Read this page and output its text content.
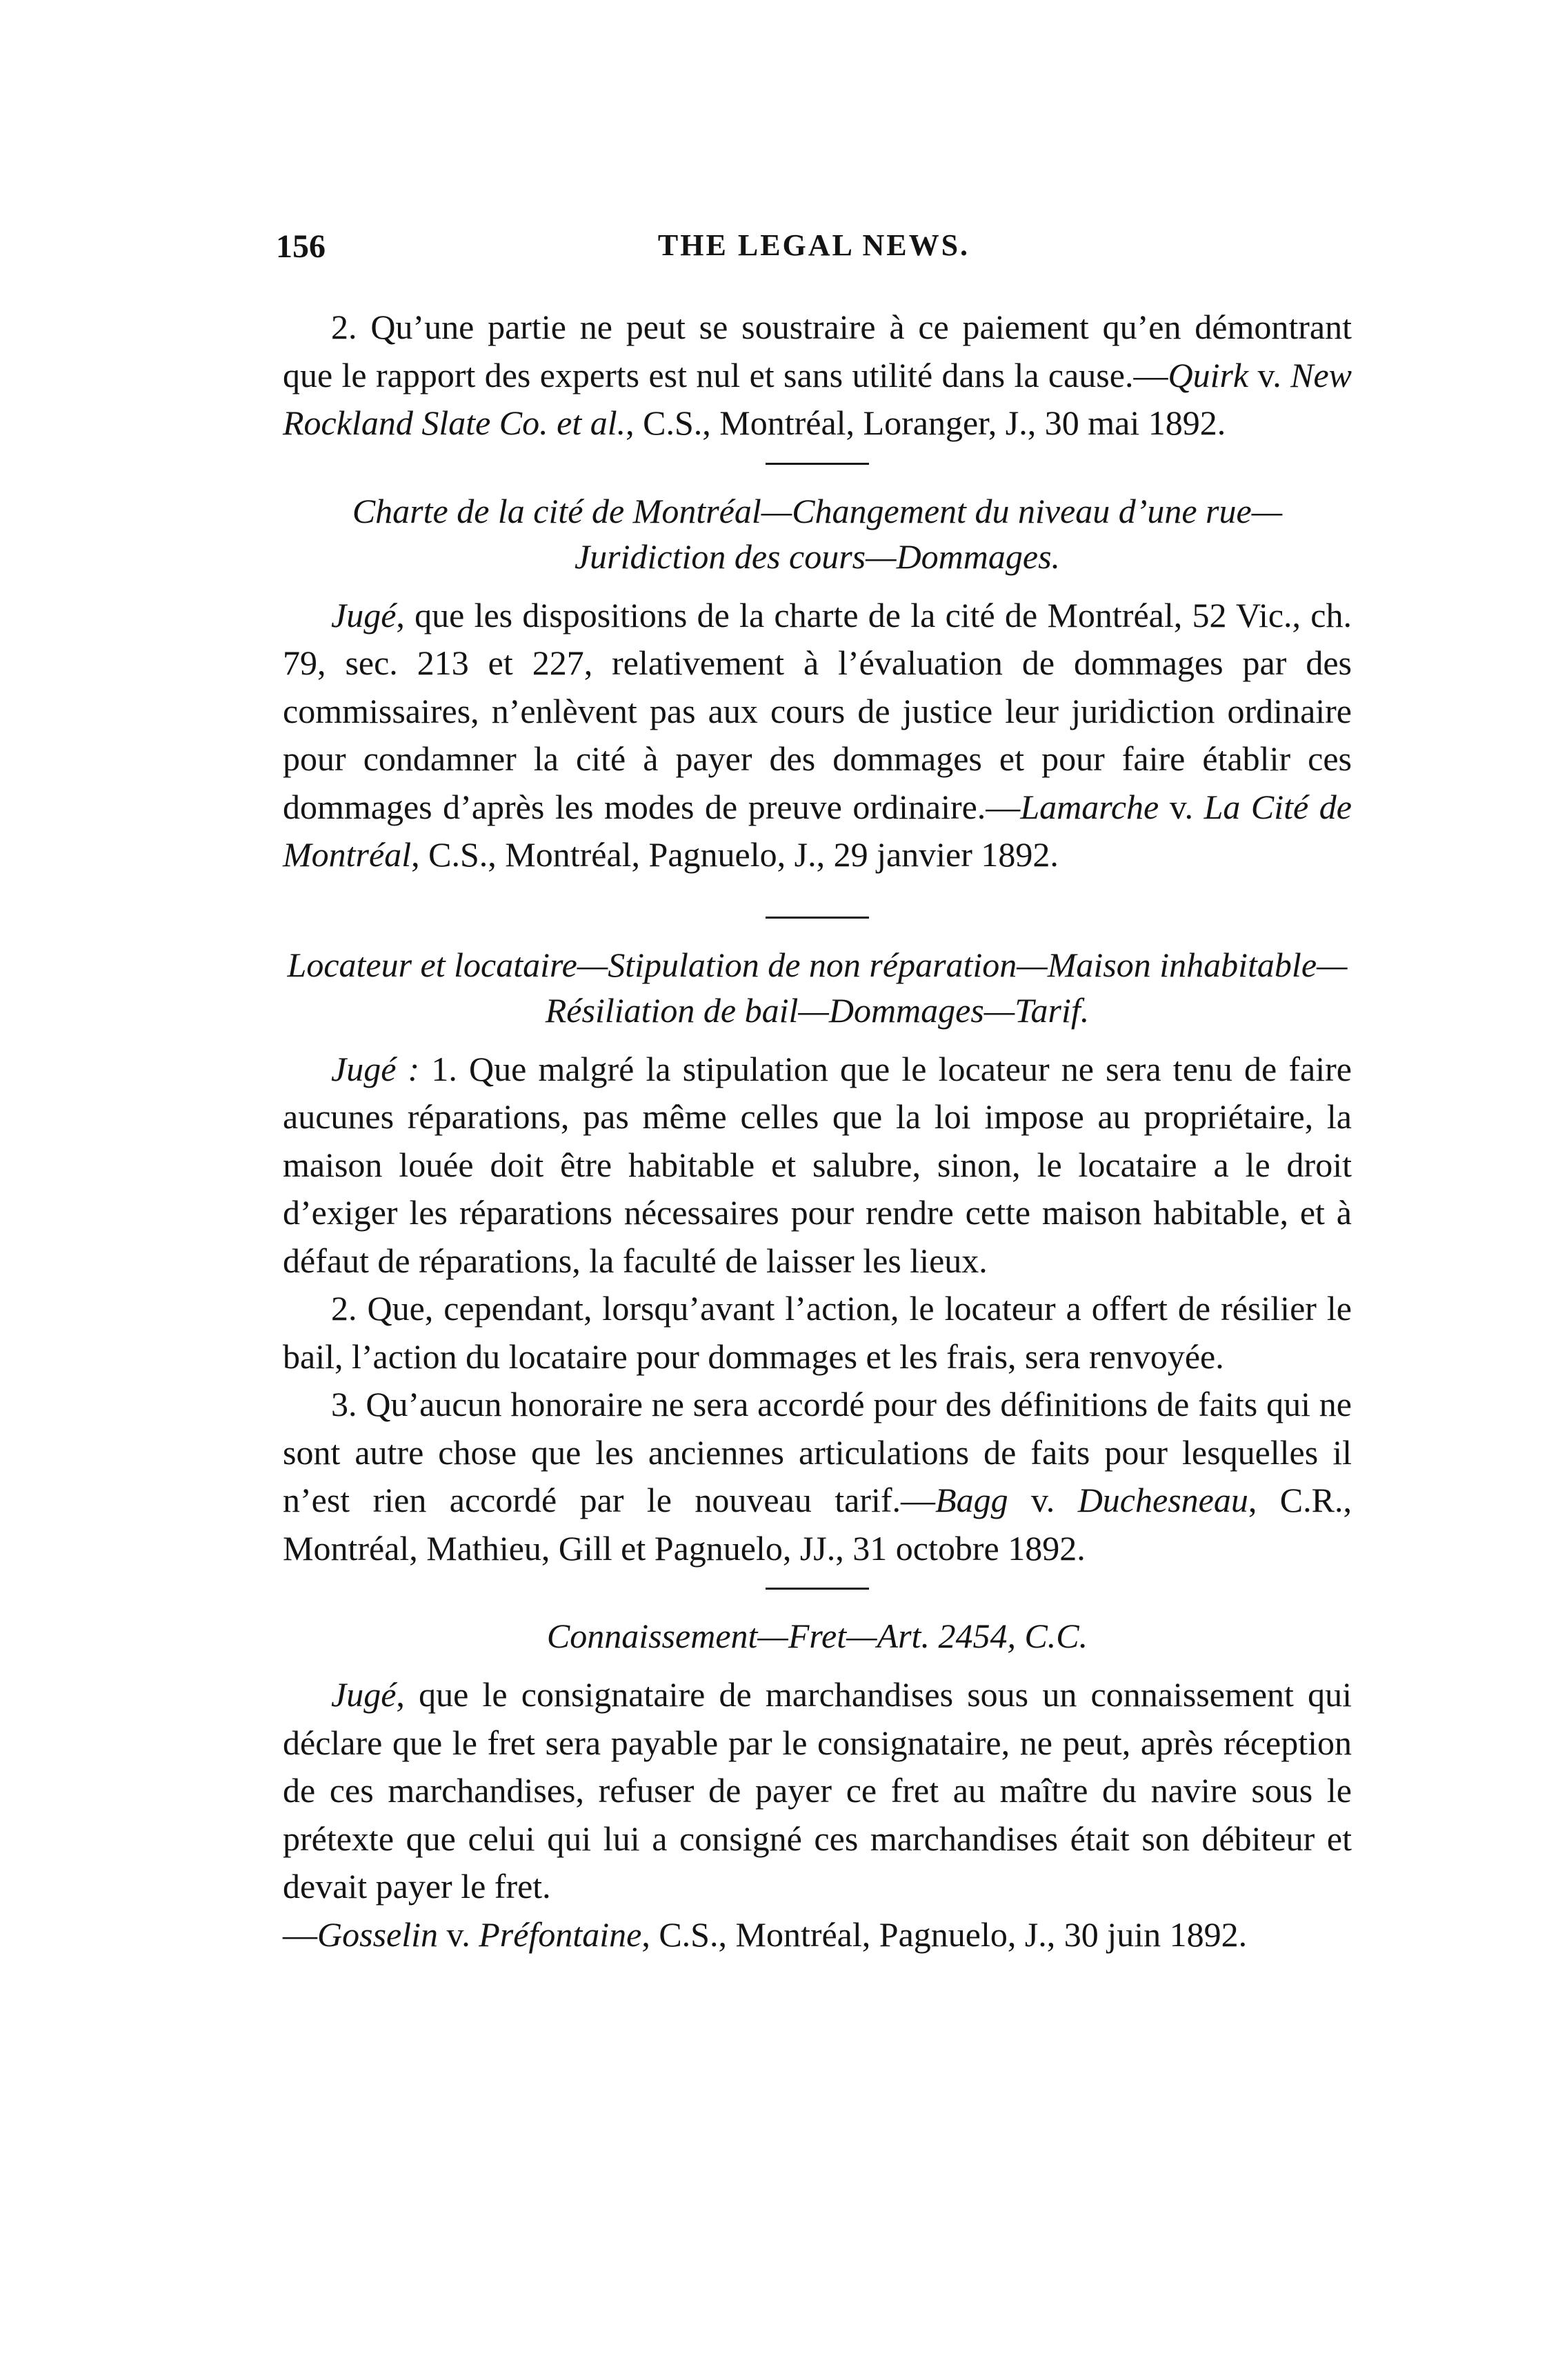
156	THE LEGAL NEWS.

2. Qu’une partie ne peut se soustraire à ce paiement qu’en démontrant que le rapport des experts est nul et sans utilité dans la cause.—Quirk v. New Rockland Slate Co. et al., C.S., Montréal, Loranger, J., 30 mai 1892.

Charte de la cité de Montréal—Changement du niveau d’une rue—Juridiction des cours—Dommages.

Jugé, que les dispositions de la charte de la cité de Montréal, 52 Vic., ch. 79, sec. 213 et 227, relativement à l’évaluation de dommages par des commissaires, n’enlèvent pas aux cours de justice leur juridiction ordinaire pour condamner la cité à payer des dommages et pour faire établir ces dommages d’après les modes de preuve ordinaire.—Lamarche v. La Cité de Montréal, C.S., Montréal, Pagnuelo, J., 29 janvier 1892.

Locateur et locataire—Stipulation de non réparation—Maison inhabitable—Résiliation de bail—Dommages—Tarif.

Jugé : 1. Que malgré la stipulation que le locateur ne sera tenu de faire aucunes réparations, pas même celles que la loi impose au propriétaire, la maison louée doit être habitable et salubre, sinon, le locataire a le droit d’exiger les réparations nécessaires pour rendre cette maison habitable, et à défaut de réparations, la faculté de laisser les lieux.

2. Que, cependant, lorsqu’avant l’action, le locateur a offert de résilier le bail, l’action du locataire pour dommages et les frais, sera renvoyée.

3. Qu’aucun honoraire ne sera accordé pour des définitions de faits qui ne sont autre chose que les anciennes articulations de faits pour lesquelles il n’est rien accordé par le nouveau tarif.—Bagg v. Duchesneau, C.R., Montréal, Mathieu, Gill et Pagnuelo, JJ., 31 octobre 1892.

Connaissement—Fret—Art. 2454, C.C.

Jugé, que le consignataire de marchandises sous un connaissement qui déclare que le fret sera payable par le consignataire, ne peut, après réception de ces marchandises, refuser de payer ce fret au maître du navire sous le prétexte que celui qui lui a consigné ces marchandises était son débiteur et devait payer le fret.
—Gosselin v. Préfontaine, C.S., Montréal, Pagnuelo, J., 30 juin 1892.
